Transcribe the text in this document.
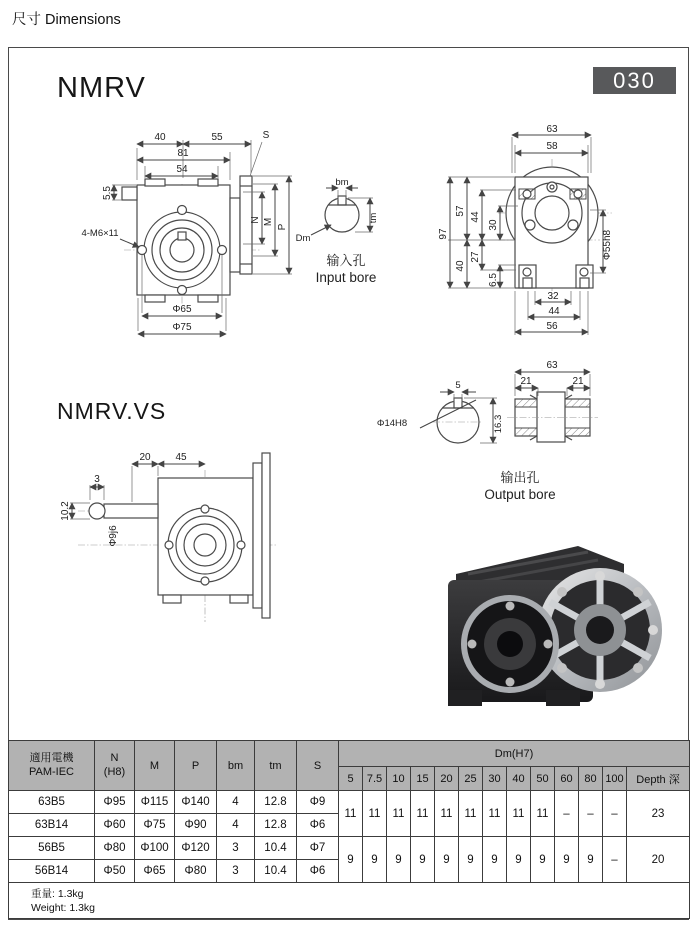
尺寸 Dimensions
NMRV	030
NMRV.VS
40	55
81
54
5.5
S
N M
P
4-M6×11
Φ65
Φ75
bm
tm
Dm
输入孔
Input bore
63
58
97
57
44
30
40
27
6.5
Φ55h8
32
44
56
5
Φ14H8	16.3
63
21	21
输出孔
Output bore
20 45
3
10.2
Φ9j6
適用電機
PAM-IEC

N
(H8)	M	P	bm	tm	S	Dm(H7)
							5	7.5	10	15	20	25	30	40	50	60	80	100	Depth 深
63B5	Φ95	Φ115	Φ140	4	12.8	Φ9	11	11	11	11	11	11	11	11	11	–	–	–	23
63B14	Φ60	Φ75	Φ90	4	12.8	Φ6													
56B5	Φ80	Φ100	Φ120	3	10.4	Φ7	9	9	9	9	9	9	9	9	9	9	9	–	20
56B14	Φ50	Φ65	Φ80	3	10.4	Φ6													

重量: 1.3kg
Weight: 1.3kg																			
